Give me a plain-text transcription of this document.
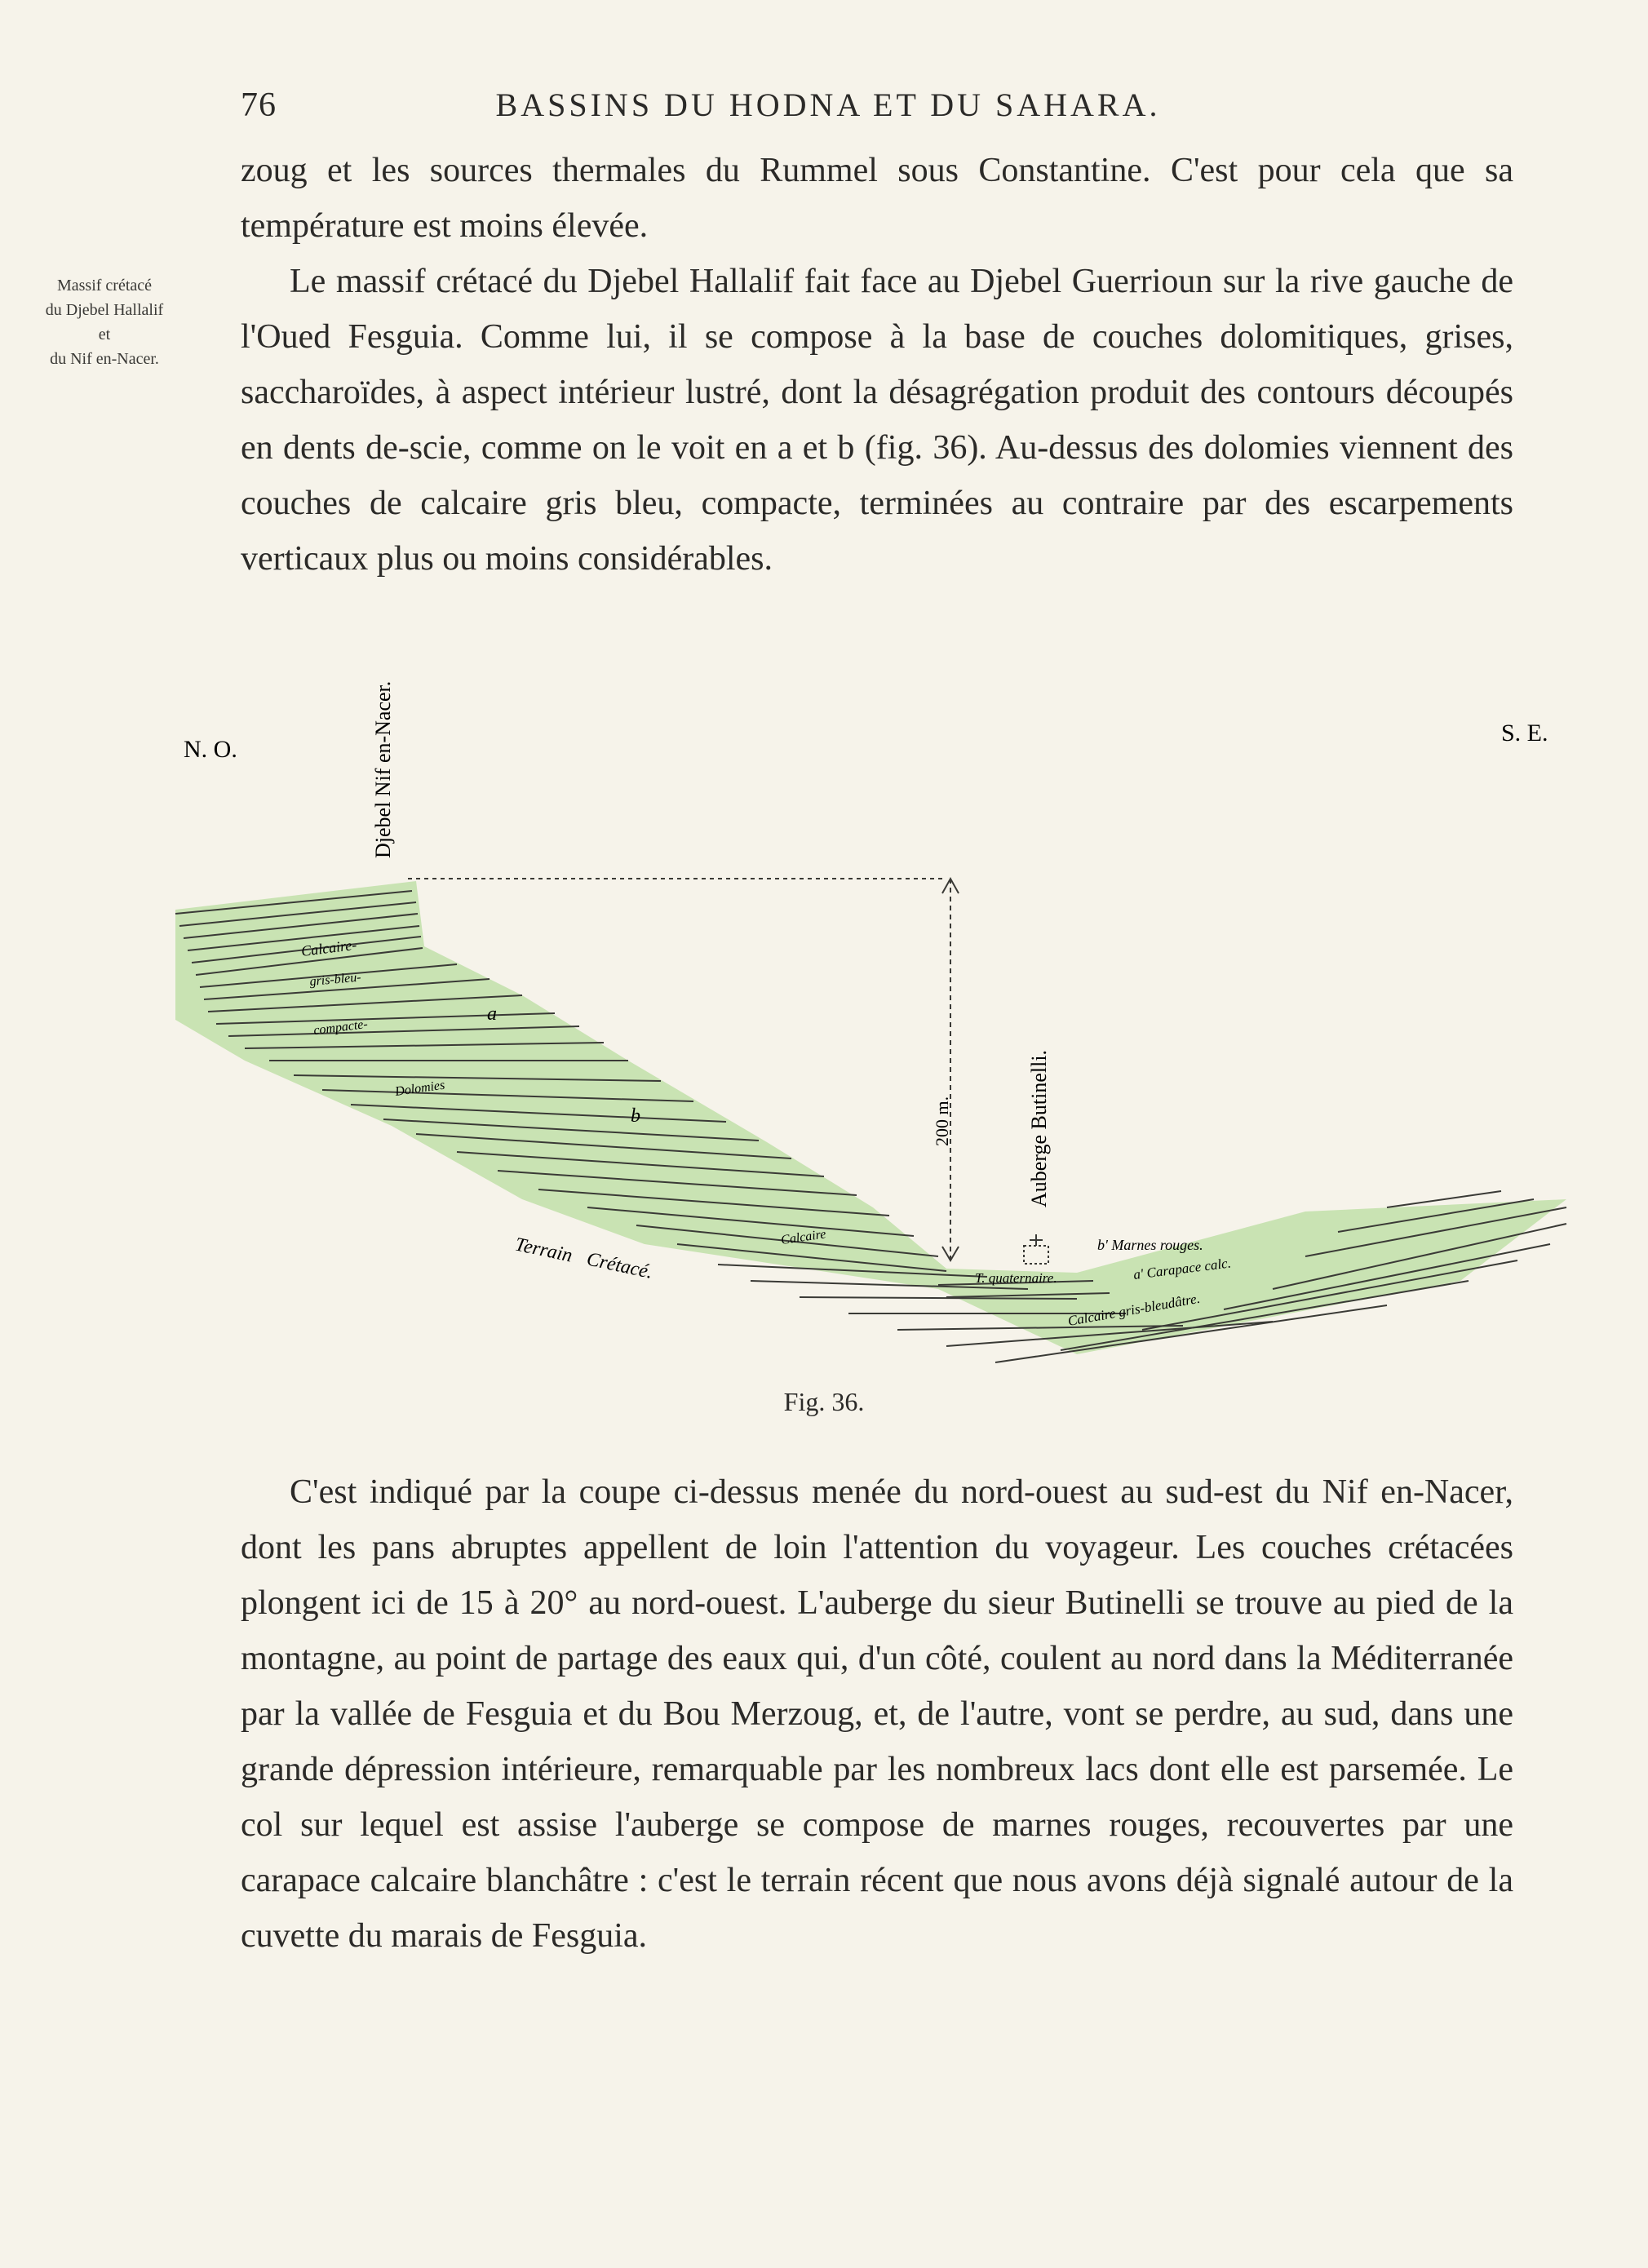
76	BASSINS DU HODNA ET DU SAHARA.
Massif crétacé
du Djebel Hallalif
et
du Nif en-Nacer.

zoug et les sources thermales du Rummel sous Constantine. C'est pour cela que sa température est moins élevée.

Le massif crétacé du Djebel Hallalif fait face au Djebel Guerrioun sur la rive gauche de l'Oued Fesguia. Comme lui, il se compose à la base de couches dolomitiques, grises, saccharoïdes, à aspect intérieur lustré, dont la désagrégation produit des contours découpés en dents de-scie, comme on le voit en a et b (fig. 36). Au-dessus des dolomies viennent des couches de calcaire gris bleu, compacte, terminées au contraire par des escarpements verticaux plus ou moins considérables.

N. O.
S. E.
Djebel Nif en-Nacer.
200 m.	Auberge Butinelli.
Calcaire-
gris-bleu-
compacte-
Dolomies
a
b
Terrain Crétacé.
Calcaire	b' Marnes rouges.
a' Carapace calc.
T. quaternaire.
Calcaire gris-bleudâtre.
Fig. 36.

C'est indiqué par la coupe ci-dessus menée du nord-ouest au sud-est du Nif en-Nacer, dont les pans abruptes appellent de loin l'attention du voyageur. Les couches crétacées plongent ici de 15 à 20° au nord-ouest. L'auberge du sieur Butinelli se trouve au pied de la montagne, au point de partage des eaux qui, d'un côté, coulent au nord dans la Méditerranée par la vallée de Fesguia et du Bou Merzoug, et, de l'autre, vont se perdre, au sud, dans une grande dépression intérieure, remarquable par les nombreux lacs dont elle est parsemée. Le col sur lequel est assise l'auberge se compose de marnes rouges, recouvertes par une carapace calcaire blanchâtre : c'est le terrain récent que nous avons déjà signalé autour de la cuvette du marais de Fesguia.
